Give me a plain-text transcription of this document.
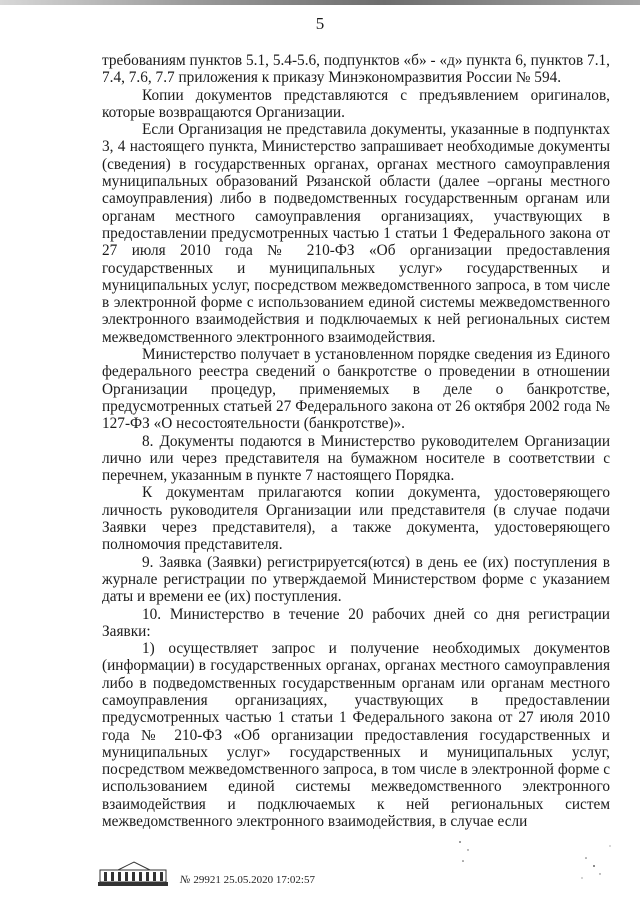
5

требованиям пунктов 5.1, 5.4-5.6, подпунктов «б» - «д» пункта 6, пунктов 7.1, 7.4, 7.6, 7.7 приложения к приказу Минэкономразвития России № 594.

Копии документов представляются с предъявлением оригиналов, которые возвращаются Организации.

Если Организация не представила документы, указанные в подпунктах 3, 4 настоящего пункта, Министерство запрашивает необходимые документы (сведения) в государственных органах, органах местного самоуправления муниципальных образований Рязанской области (далее –органы местного самоуправления) либо в подведомственных государственным органам или органам местного самоуправления организациях, участвующих в предоставлении предусмотренных частью 1 статьи 1 Федерального закона от 27 июля 2010 года № 210-ФЗ «Об организации предоставления государственных и муниципальных услуг» государственных и муниципальных услуг, посредством межведомственного запроса, в том числе в электронной форме с использованием единой системы межведомственного электронного взаимодействия и подключаемых к ней региональных систем межведомственного электронного взаимодействия.

Министерство получает в установленном порядке сведения из Единого федерального реестра сведений о банкротстве о проведении в отношении Организации процедур, применяемых в деле о банкротстве, предусмотренных статьей 27 Федерального закона от 26 октября 2002 года № 127-ФЗ «О несостоятельности (банкротстве)».

8. Документы подаются в Министерство руководителем Организации лично или через представителя на бумажном носителе в соответствии с перечнем, указанным в пункте 7 настоящего Порядка.

К документам прилагаются копии документа, удостоверяющего личность руководителя Организации или представителя (в случае подачи Заявки через представителя), а также документа, удостоверяющего полномочия представителя.

9. Заявка (Заявки) регистрируется(ются) в день ее (их) поступления в журнале регистрации по утверждаемой Министерством форме с указанием даты и времени ее (их) поступления.

10. Министерство в течение 20 рабочих дней со дня регистрации Заявки:

1) осуществляет запрос и получение необходимых документов (информации) в государственных органах, органах местного самоуправления либо в подведомственных государственным органам или органам местного самоуправления организациях, участвующих в предоставлении предусмотренных частью 1 статьи 1 Федерального закона от 27 июля 2010 года № 210-ФЗ «Об организации предоставления государственных и муниципальных услуг» государственных и муниципальных услуг, посредством межведомственного запроса, в том числе в электронной форме с использованием единой системы межведомственного электронного взаимодействия и подключаемых к ней региональных систем межведомственного электронного взаимодействия, в случае если

№ 29921 25.05.2020 17:02:57
